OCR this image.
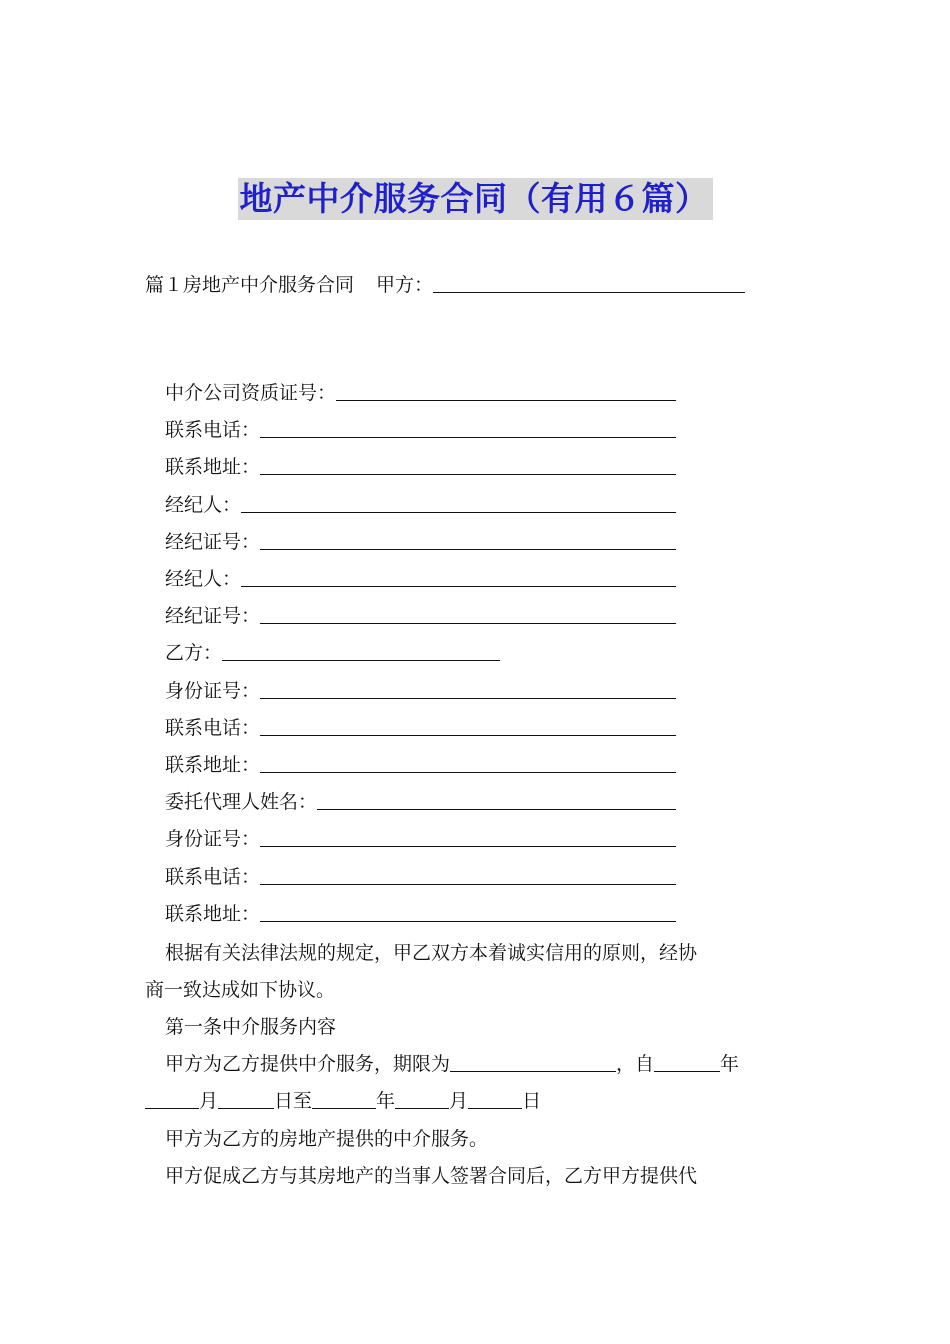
地产中介服务合同（有用６篇）
篇１房地产中介服务合同 甲方：
中介公司资质证号：
联系电话：
联系地址：
经纪人：
经纪证号：
经纪人：
经纪证号：
乙方：
身份证号：
联系电话：
联系地址：
委托代理人姓名：
身份证号：
联系电话：
联系地址：
根据有关法律法规的规定，甲乙双方本着诚实信用的原则，经协
商一致达成如下协议。
第一条中介服务内容
甲方为乙方提供中介服务，期限为	，自	年
月	日至	年	月	日
甲方为乙方的房地产提供的中介服务。
甲方促成乙方与其房地产的当事人签署合同后，乙方甲方提供代
